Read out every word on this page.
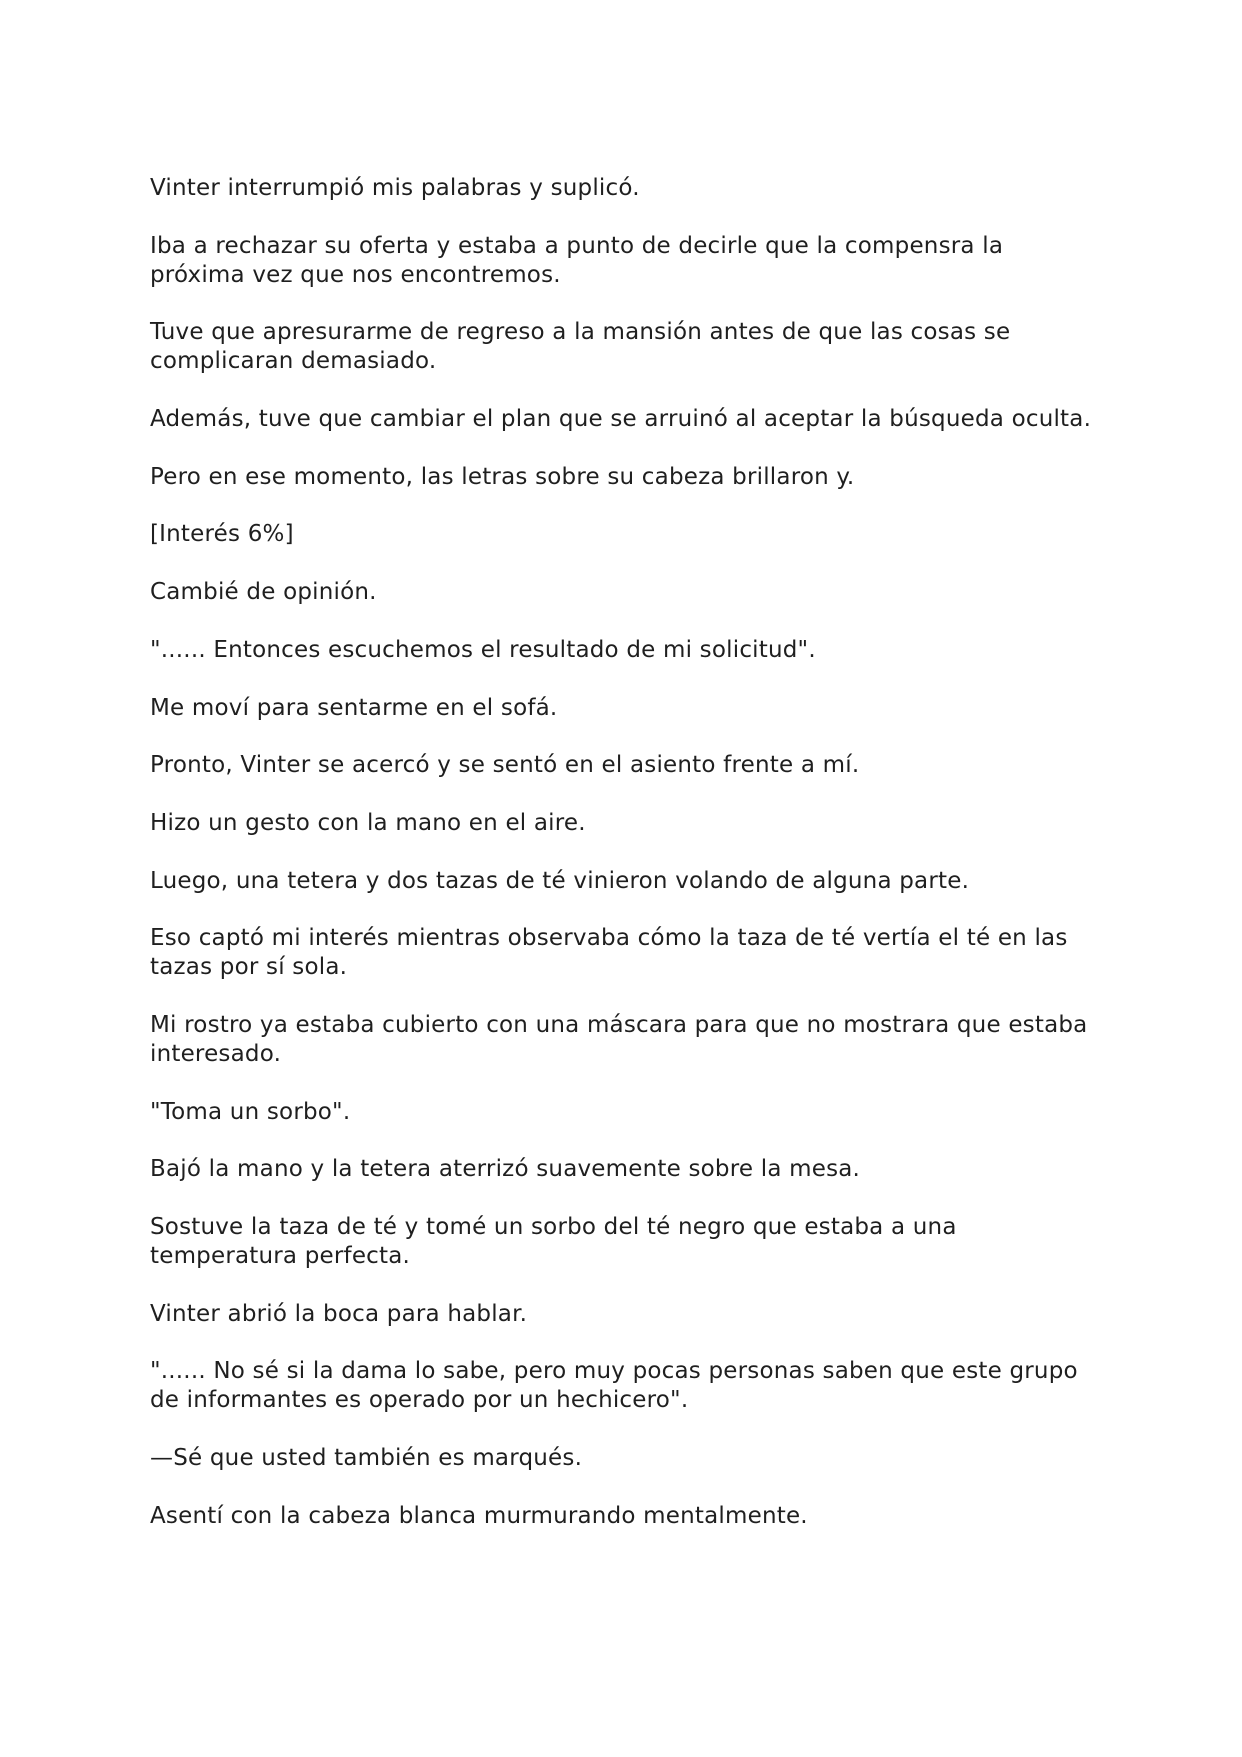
Vinter interrumpió mis palabras y suplicó.

Iba a rechazar su oferta y estaba a punto de decirle que la compensra la próxima vez que nos encontremos.

Tuve que apresurarme de regreso a la mansión antes de que las cosas se complicaran demasiado.

Además, tuve que cambiar el plan que se arruinó al aceptar la búsqueda oculta.

Pero en ese momento, las letras sobre su cabeza brillaron y.

[Interés 6%]

Cambié de opinión.

"...... Entonces escuchemos el resultado de mi solicitud".

Me moví para sentarme en el sofá.

Pronto, Vinter se acercó y se sentó en el asiento frente a mí.

Hizo un gesto con la mano en el aire.

Luego, una tetera y dos tazas de té vinieron volando de alguna parte.

Eso captó mi interés mientras observaba cómo la taza de té vertía el té en las tazas por sí sola.

Mi rostro ya estaba cubierto con una máscara para que no mostrara que estaba interesado.

"Toma un sorbo".

Bajó la mano y la tetera aterrizó suavemente sobre la mesa.

Sostuve la taza de té y tomé un sorbo del té negro que estaba a una temperatura perfecta.

Vinter abrió la boca para hablar.

"...... No sé si la dama lo sabe, pero muy pocas personas saben que este grupo de informantes es operado por un hechicero".

—Sé que usted también es marqués.

Asentí con la cabeza blanca murmurando mentalmente.
